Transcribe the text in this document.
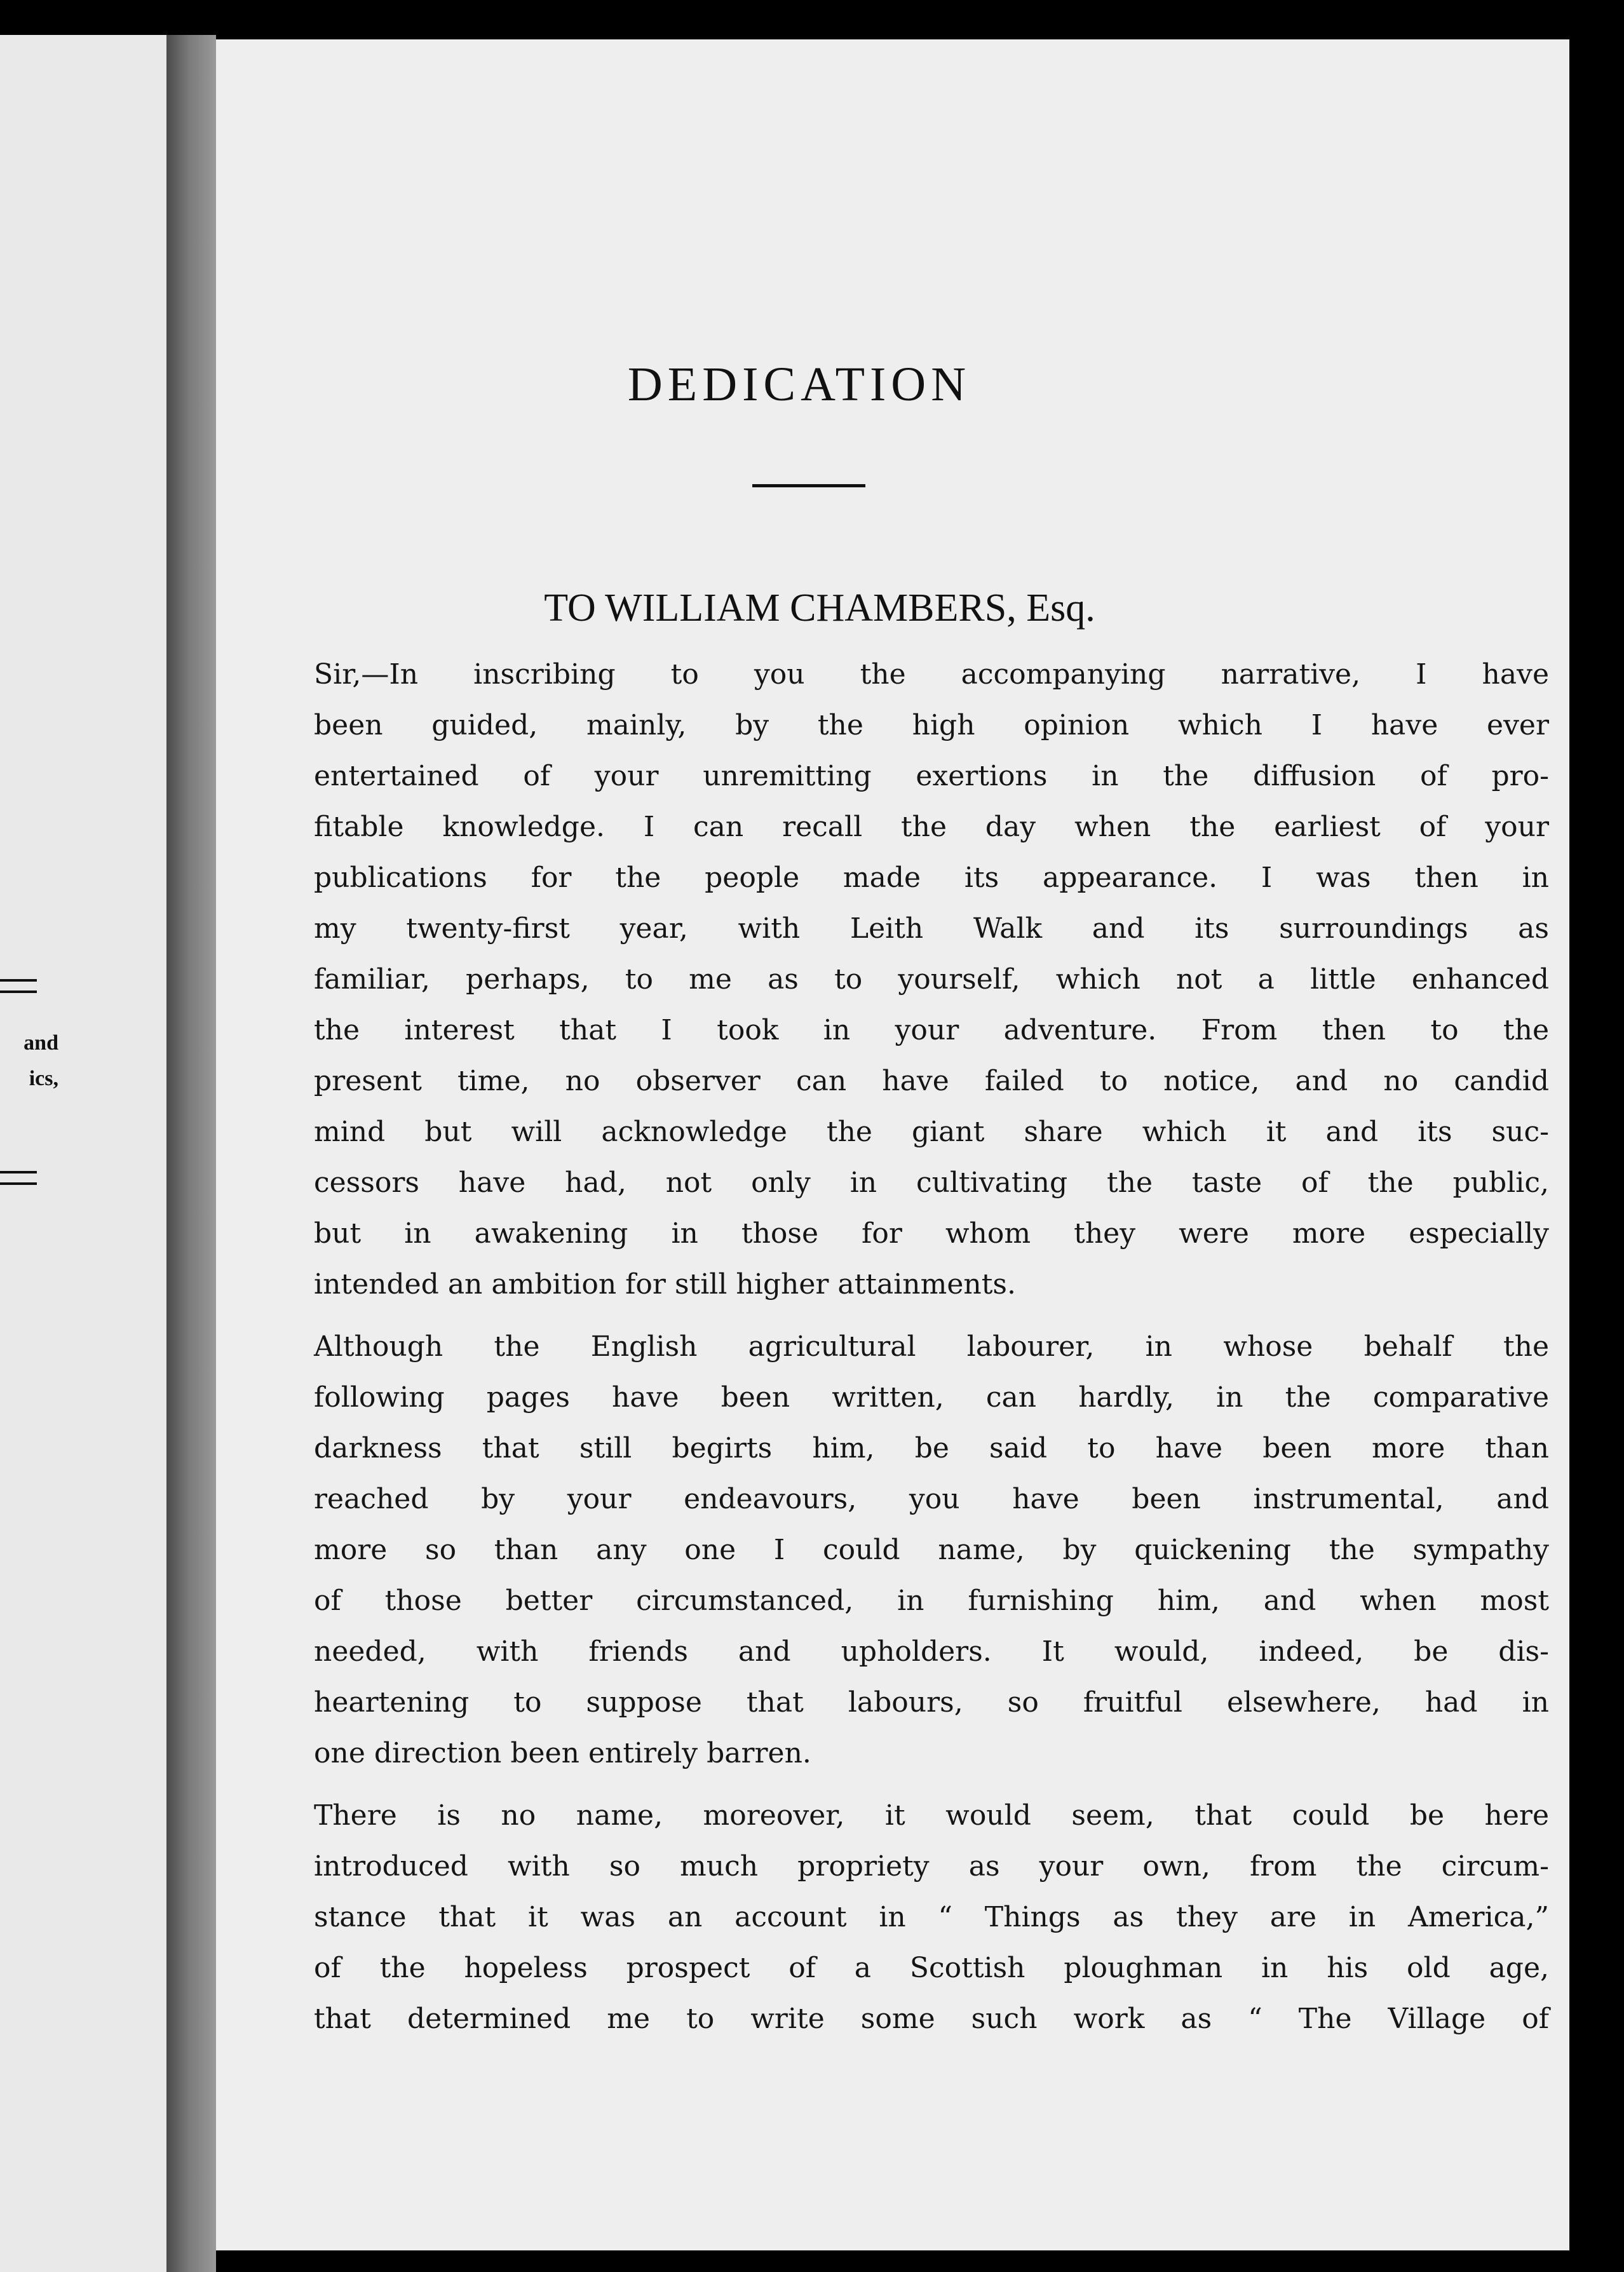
and
ics,
DEDICATION
TO WILLIAM CHAMBERS, Esq.
Sir,—In inscribing to you the accompanying narrative, I have
been guided, mainly, by the high opinion which I have ever
entertained of your unremitting exertions in the diffusion of pro-
fitable knowledge. I can recall the day when the earliest of your
publications for the people made its appearance. I was then in
my twenty-first year, with Leith Walk and its surroundings as
familiar, perhaps, to me as to yourself, which not a little enhanced
the interest that I took in your adventure. From then to the
present time, no observer can have failed to notice, and no candid
mind but will acknowledge the giant share which it and its suc-
cessors have had, not only in cultivating the taste of the public,
but in awakening in those for whom they were more especially
intended an ambition for still higher attainments.
Although the English agricultural labourer, in whose behalf the
following pages have been written, can hardly, in the comparative
darkness that still begirts him, be said to have been more than
reached by your endeavours, you have been instrumental, and
more so than any one I could name, by quickening the sympathy
of those better circumstanced, in furnishing him, and when most
needed, with friends and upholders. It would, indeed, be dis-
heartening to suppose that labours, so fruitful elsewhere, had in
one direction been entirely barren.
There is no name, moreover, it would seem, that could be here
introduced with so much propriety as your own, from the circum-
stance that it was an account in “ Things as they are in America,”
of the hopeless prospect of a Scottish ploughman in his old age,
that determined me to write some such work as “ The Village of
